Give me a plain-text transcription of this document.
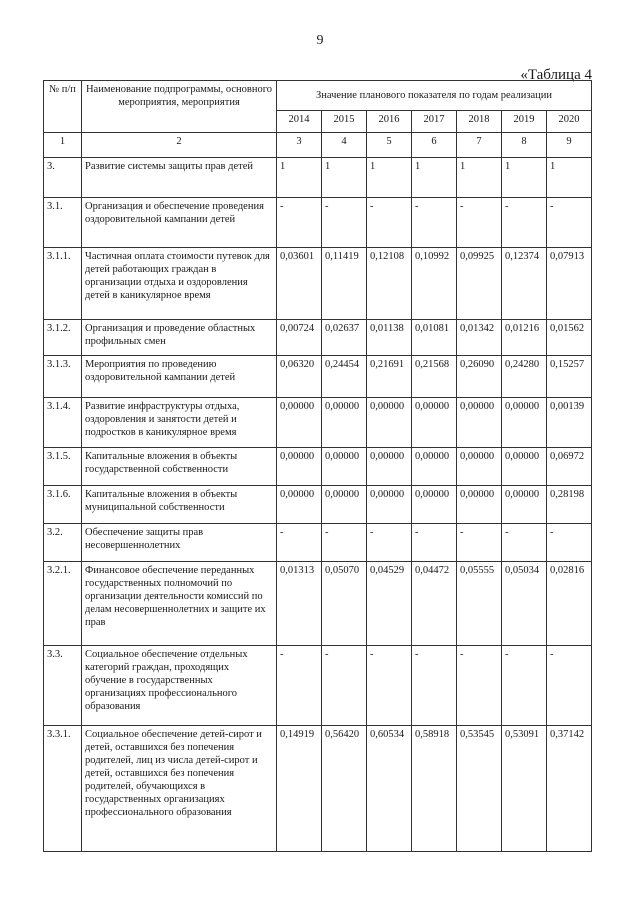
9
«Таблица 4
№ п/п	Наименование подпрограммы, основного мероприятия, мероприятия	Значение планового показателя по годам реализации						
		2014	2015	2016	2017	2018	2019	2020
1	2	3	4	5	6	7	8	9
3.	Развитие системы защиты прав детей	1	1	1	1	1	1	1
3.1.	Организация и обеспечение проведения оздоровительной кампании детей	-	-	-	-	-	-	-
3.1.1.	Частичная оплата стоимости путевок для детей работающих граждан в организации отдыха и оздоровления детей в каникулярное время	0,03601	0,11419	0,12108	0,10992	0,09925	0,12374	0,07913
3.1.2.	Организация и проведение областных профильных смен	0,00724	0,02637	0,01138	0,01081	0,01342	0,01216	0,01562
3.1.3.	Мероприятия по проведению оздоровительной кампании детей	0,06320	0,24454	0,21691	0,21568	0,26090	0,24280	0,15257
3.1.4.	Развитие инфраструктуры отдыха, оздоровления и занятости детей и подростков в каникулярное время	0,00000	0,00000	0,00000	0,00000	0,00000	0,00000	0,00139
3.1.5.	Капитальные вложения в объекты государственной собственности	0,00000	0,00000	0,00000	0,00000	0,00000	0,00000	0,06972
3.1.6.	Капитальные вложения в объекты муниципальной собственности	0,00000	0,00000	0,00000	0,00000	0,00000	0,00000	0,28198
3.2.	Обеспечение защиты прав несовершеннолетних	-	-	-	-	-	-	-
3.2.1.	Финансовое обеспечение переданных государственных полномочий по организации деятельности комиссий по делам несовершеннолетних и защите их прав	0,01313	0,05070	0,04529	0,04472	0,05555	0,05034	0,02816
3.3.	Социальное обеспечение отдельных категорий граждан, проходящих обучение в государственных организациях профессионального образования	-	-	-	-	-	-	-
3.3.1.	Социальное обеспечение детей-сирот и детей, оставшихся без попечения родителей, лиц из числа детей-сирот и детей, оставшихся без попечения родителей, обучающихся в государственных организациях профессионального образования	0,14919	0,56420	0,60534	0,58918	0,53545	0,53091	0,37142
